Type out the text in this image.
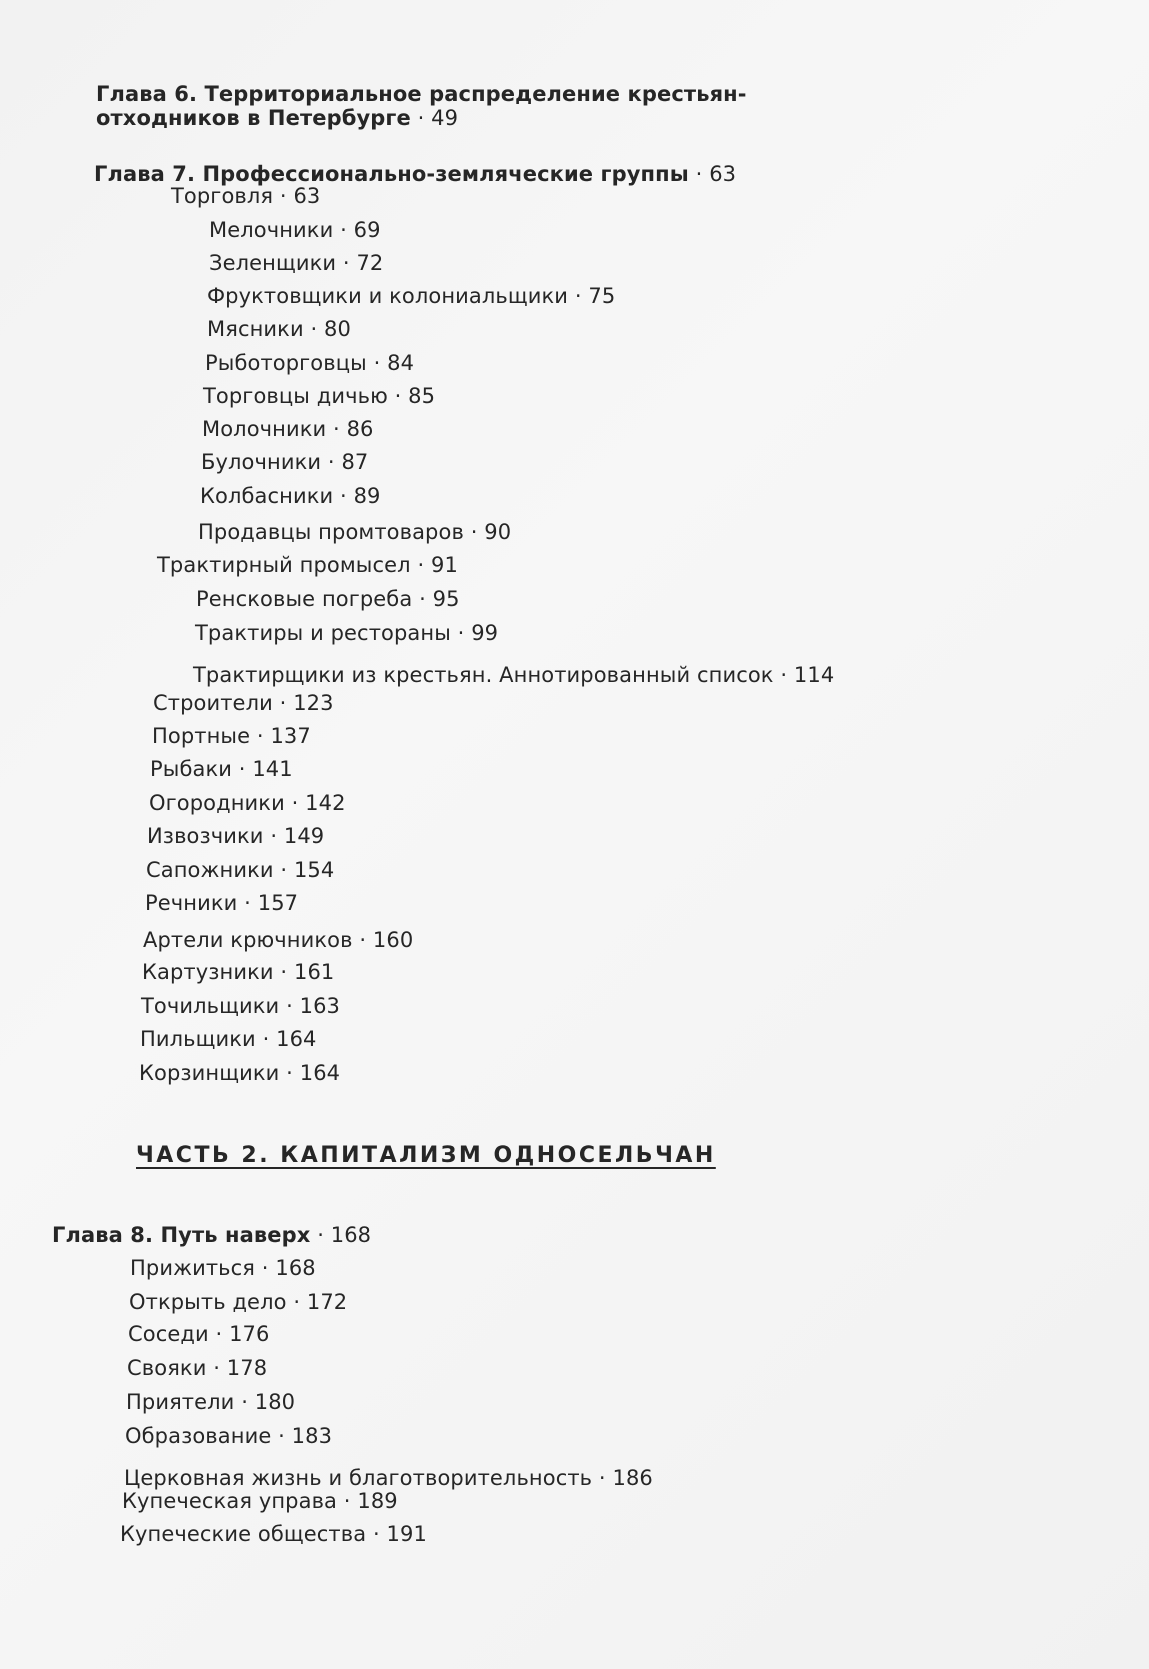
Глава 6. Территориальное распределение крестьян-
отходников в Петербурге · 49
Глава 7. Профессионально-земляческие группы · 63
Торговля · 63
Мелочники · 69
Зеленщики · 72
Фруктовщики и колониальщики · 75
Мясники · 80
Рыботорговцы · 84
Торговцы дичью · 85
Молочники · 86
Булочники · 87
Колбасники · 89
Продавцы промтоваров · 90
Трактирный промысел · 91
Ренсковые погреба · 95
Трактиры и рестораны · 99
Трактирщики из крестьян. Аннотированный список · 114
Строители · 123
Портные · 137
Рыбаки · 141
Огородники · 142
Извозчики · 149
Сапожники · 154
Речники · 157
Артели крючников · 160
Картузники · 161
Точильщики · 163
Пильщики · 164
Корзинщики · 164
ЧАСТЬ 2. КАПИТАЛИЗМ ОДНОСЕЛЬЧАН
Глава 8. Путь наверх · 168
Прижиться · 168
Открыть дело · 172
Соседи · 176
Свояки · 178
Приятели · 180
Образование · 183
Церковная жизнь и благотворительность · 186
Купеческая управа · 189
Купеческие общества · 191
